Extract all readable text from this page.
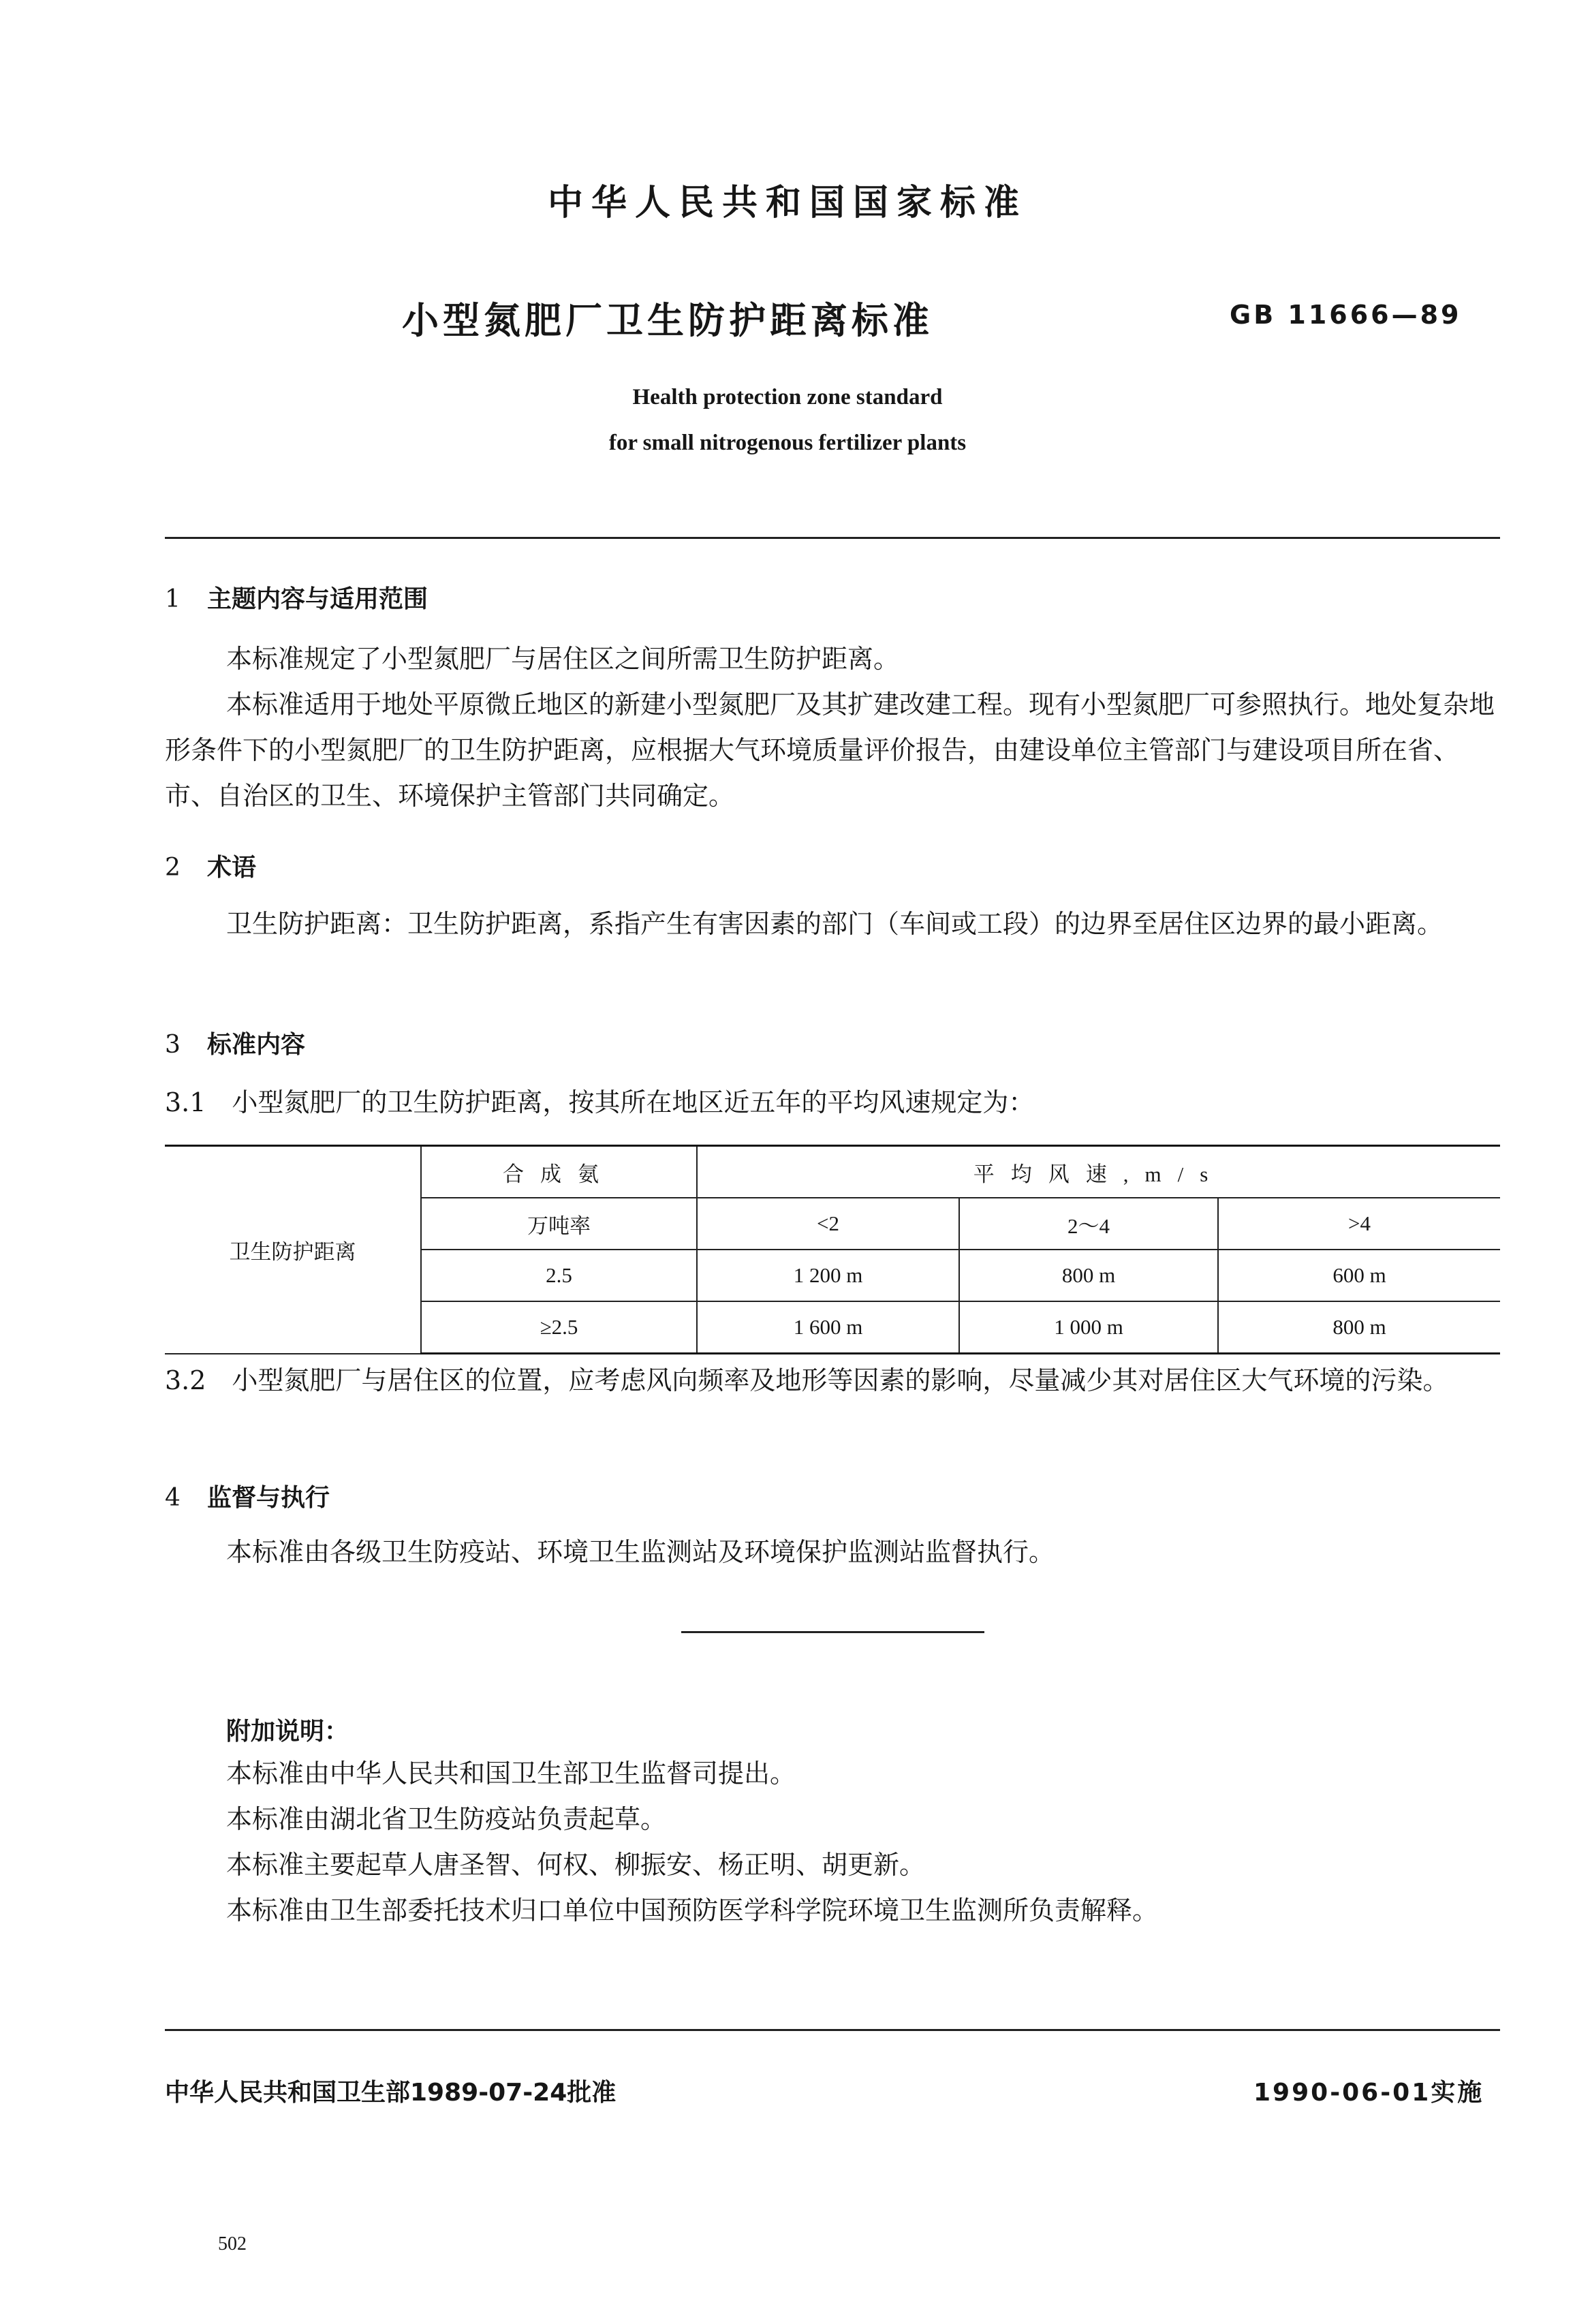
中华人民共和国国家标准
小型氮肥厂卫生防护距离标准	GB 11666—89
Health protection zone standard
for small nitrogenous fertilizer plants
1 主题内容与适用范围

本标准规定了小型氮肥厂与居住区之间所需卫生防护距离。

本标准适用于地处平原微丘地区的新建小型氮肥厂及其扩建改建工程。现有小型氮肥厂可参照执行。地处复杂地形条件下的小型氮肥厂的卫生防护距离，应根据大气环境质量评价报告，由建设单位主管部门与建设项目所在省、市、自治区的卫生、环境保护主管部门共同确定。

2 术语

卫生防护距离：卫生防护距离，系指产生有害因素的部门（车间或工段）的边界至居住区边界的最小距离。

3 标准内容
3.1　小型氮肥厂的卫生防护距离，按其所在地区近五年的平均风速规定为：
卫生防护距离	合成氨	平均风速,m/s		
	万吨率	<2	2～4	>4
	2.5	1 200 m	800 m	600 m
	≥2.5	1 600 m	1 000 m	800 m
3.2　小型氮肥厂与居住区的位置，应考虑风向频率及地形等因素的影响，尽量减少其对居住区大气环境的污染。
4 监督与执行

本标准由各级卫生防疫站、环境卫生监测站及环境保护监测站监督执行。

附加说明：

本标准由中华人民共和国卫生部卫生监督司提出。

本标准由湖北省卫生防疫站负责起草。

本标准主要起草人唐圣智、何权、柳振安、杨正明、胡更新。

本标准由卫生部委托技术归口单位中国预防医学科学院环境卫生监测所负责解释。

中华人民共和国卫生部1989-07-24批准	1990-06-01实施
502
